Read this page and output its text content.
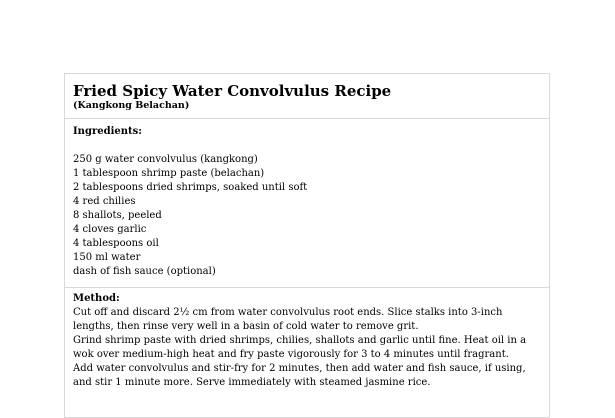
Fried Spicy Water Convolvulus Recipe
(Kangkong Belachan)
Ingredients:
250 g water convolvulus (kangkong)
1 tablespoon shrimp paste (belachan)
2 tablespoons dried shrimps, soaked until soft
4 red chilies
8 shallots, peeled
4 cloves garlic
4 tablespoons oil
150 ml water
dash of fish sauce (optional)
Method:
Cut off and discard 2½ cm from water convolvulus root ends. Slice stalks into 3-inch lengths, then rinse very well in a basin of cold water to remove grit.
Grind shrimp paste with dried shrimps, chilies, shallots and garlic until fine. Heat oil in a wok over medium-high heat and fry paste vigorously for 3 to 4 minutes until fragrant.
Add water convolvulus and stir-fry for 2 minutes, then add water and fish sauce, if using, and stir 1 minute more. Serve immediately with steamed jasmine rice.
